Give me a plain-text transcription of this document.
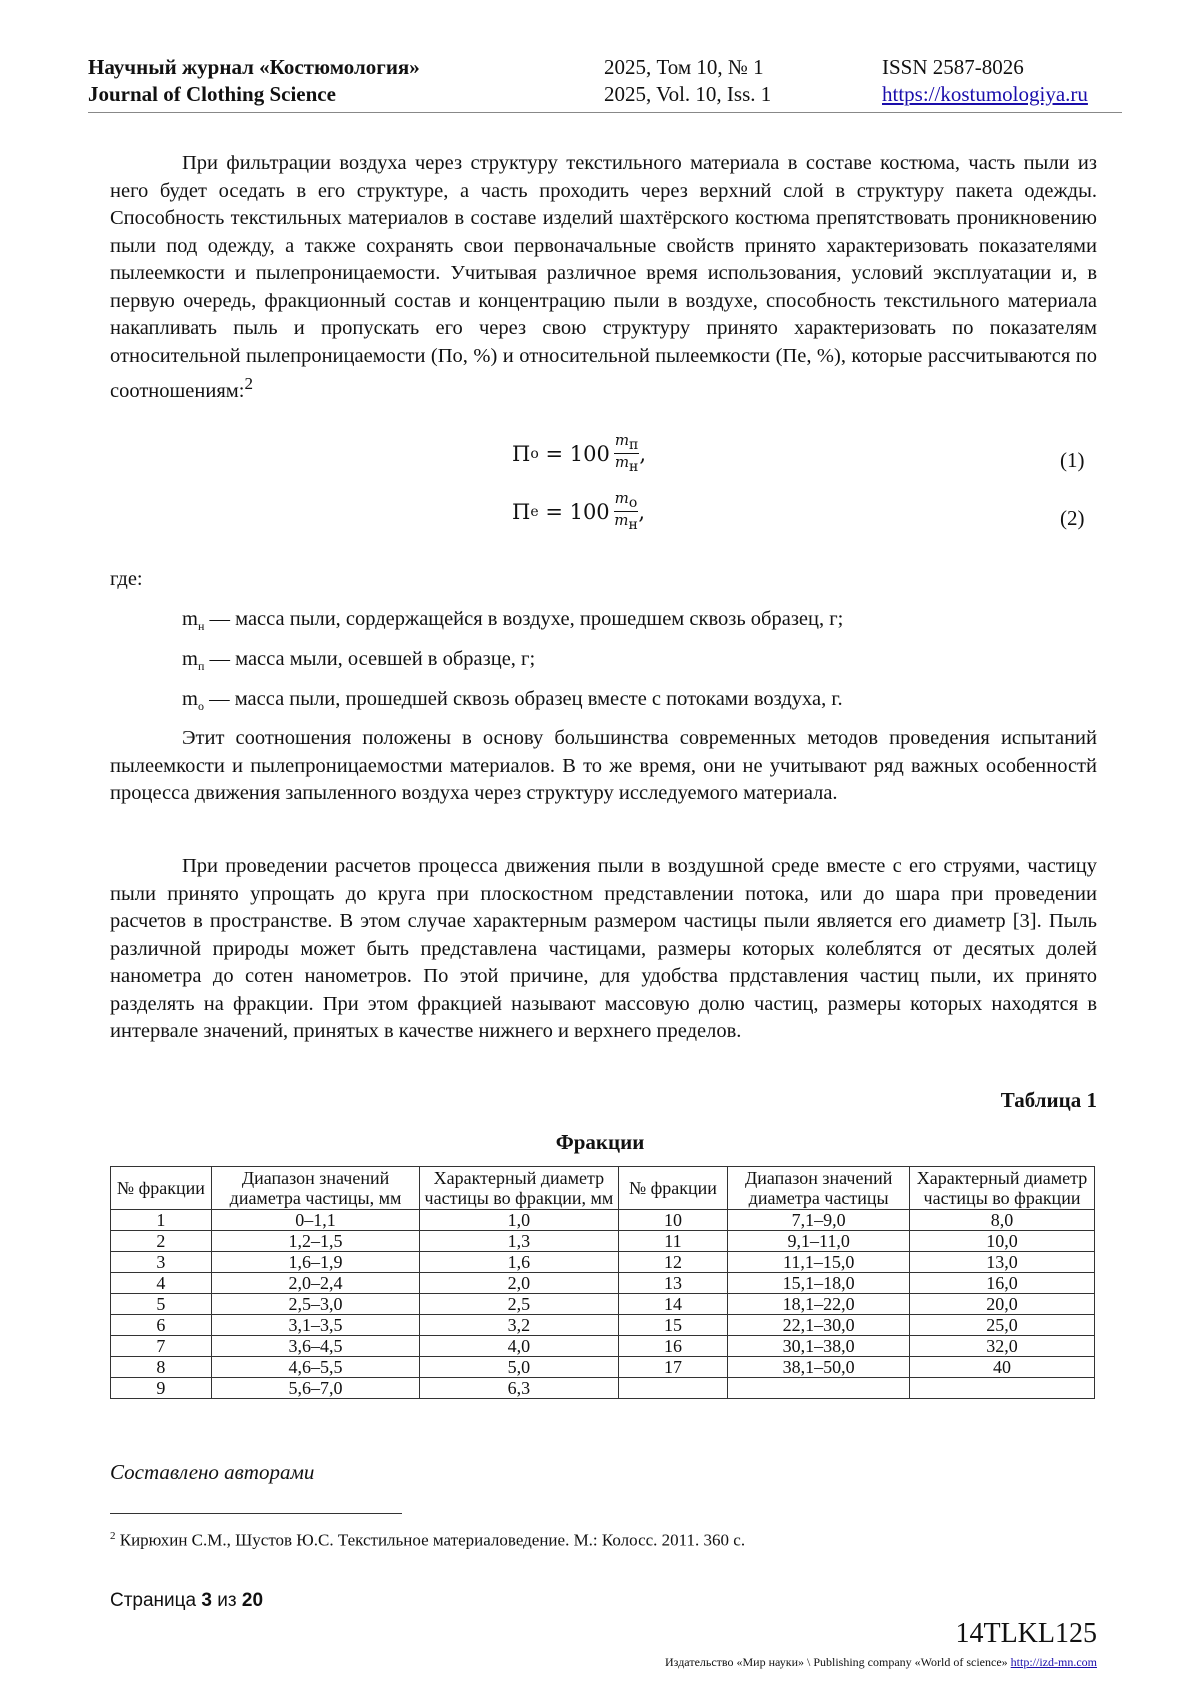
Научный журнал «Костюмология»	2025, Том 10, № 1	ISSN 2587-8026
Journal of Clothing Science	2025, Vol. 10, Iss. 1	https://kostumologiya.ru
При фильтрации воздуха через структуру текстильного материала в составе костюма, часть пыли из него будет оседать в его структуре, а часть проходить через верхний слой в структуру пакета одежды. Способность текстильных материалов в составе изделий шахтёрского костюма препятствовать проникновению пыли под одежду, а также сохранять свои первоначальные свойств принято характеризовать показателями пылеемкости и пылепроницаемости. Учитывая различное время использования, условий эксплуатации и, в первую очередь, фракционный состав и концентрацию пыли в воздухе, способность текстильного материала накапливать пыль и пропускать его через свою структуру принято характеризовать по показателям относительной пылепроницаемости (По, %) и относительной пылеемкости (Пе, %), которые рассчитываются по соотношениям:$^2$
П o
= $100 \frac{m_п}{m_н}$ ,	(1)
П e
= $100 \frac{m_o}{m_н}$ ,	(2)
где:
$m_н$ — масса пыли, сордержащейся в воздухе, прошедшем сквозь образец, г;
$m_п$ — масса мыли, осевшей в образце, г;
$m_o$ — масса пыли, прошедшей сквозь образец вместе с потоками воздуха, г.
Этит соотношения положены в основу большинства современных методов проведения испытаний пылеемкости и пылепроницаемостми материалов. В то же время, они не учитывают ряд важных особенностй процесса движения запыленного воздуха через структуру исследуемого материала.
При проведении расчетов процесса движения пыли в воздушной среде вместе с его струями, частицу пыли принято упрощать до круга при плоскостном представлении потока, или до шара при проведении расчетов в пространстве. В этом случае характерным размером частицы пыли является его диаметр [3]. Пыль различной природы может быть представлена частицами, размеры которых колеблятся от десятых долей нанометра до сотен нанометров. По этой причине, для удобства прдставления частиц пыли, их принято разделять на фракции. При этом фракцией называют массовую долю частиц, размеры которых находятся в интервале значений, принятых в качестве нижнего и верхнего пределов.
Таблица 1
Фракции
№ фракции	Диапазон значений диаметра частицы, мм	Характерный диаметр частицы во фракции, мм	№ фракции	Диапазон значений диаметра частицы	Характерный диаметр частицы во фракции
1	0–1,1	1,0	10	7,1–9,0	8,0
2	1,2–1,5	1,3	11	9,1–11,0	10,0
3	1,6–1,9	1,6	12	11,1–15,0	13,0
4	2,0–2,4	2,0	13	15,1–18,0	16,0
5	2,5–3,0	2,5	14	18,1–22,0	20,0
6	3,1–3,5	3,2	15	22,1–30,0	25,0
7	3,6–4,5	4,0	16	30,1–38,0	32,0
8	4,6–5,5	5,0	17	38,1–50,0	40
9	5,6–7,0	6,3			
Составлено авторами
$^2$ Кирюхин С.М., Шустов Ю.С. Текстильное материаловедение. М.: Колосс. 2011. 360 с.
Страница 3 из 20
14TLKL125
Издательство «Мир науки» \ Publishing company «World of science» http://izd-mn.com
